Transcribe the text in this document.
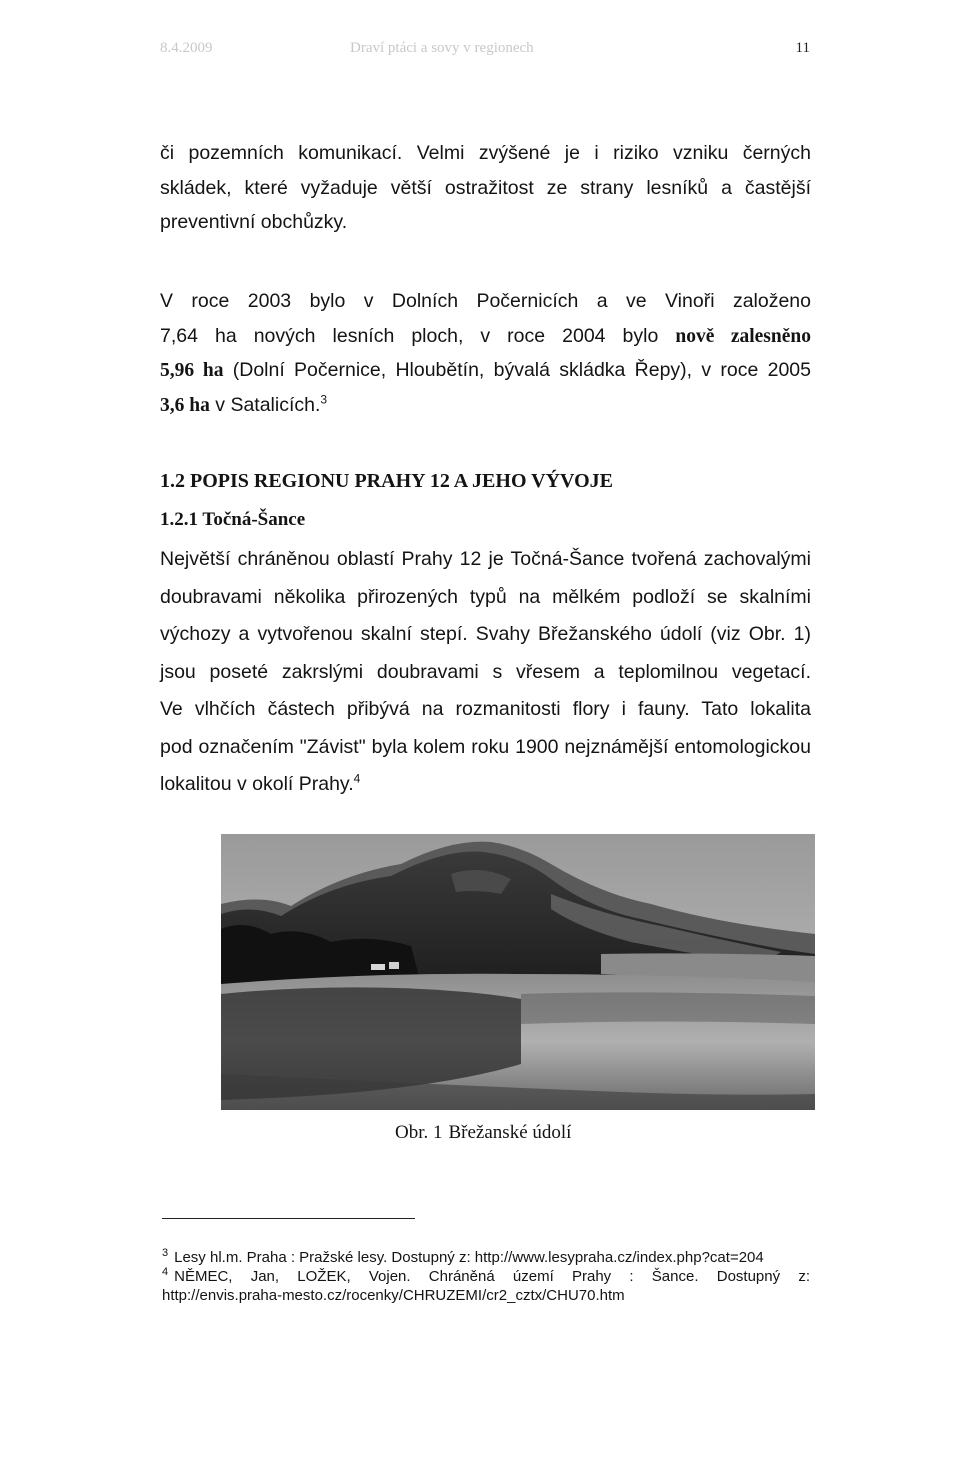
8.4.2009	Draví ptáci a sovy v regionech	11
či pozemních komunikací. Velmi zvýšené je i riziko vzniku černých
skládek, které vyžaduje větší ostražitost ze strany lesníků a častější
preventivní obchůzky.
V roce 2003 bylo v Dolních Počernicích a ve Vinoři založeno
7,64 ha nových lesních ploch, v roce 2004 bylo nově zalesněno
5,96 ha (Dolní Počernice, Hloubětín, bývalá skládka Řepy), v roce 2005
3,6 ha v Satalicích.$^3$
1.2 POPIS REGIONU PRAHY 12 A JEHO VÝVOJE
1.2.1 Točná-Šance
Největší chráněnou oblastí Prahy 12 je Točná-Šance tvořená zachovalými
doubravami několika přirozených typů na mělkém podloží se skalními
výchozy a vytvořenou skalní stepí. Svahy Břežanského údolí (viz Obr. 1)
jsou poseté zakrslými doubravami s vřesem a teplomilnou vegetací.
Ve vlhčích částech přibývá na rozmanitosti flory i fauny. Tato lokalita
pod označením "Závist" byla kolem roku 1900 nejznámější entomologickou
lokalitou v okolí Prahy.$^4$
Obr. 1 Břežanské údolí
$^3$ Lesy hl.m. Praha : Pražské lesy. Dostupný z: http://www.lesypraha.cz/index.php?cat=204
$^4$ NĚMEC, Jan, LOŽEK, Vojen. Chráněná území Prahy : Šance. Dostupný z:
http://envis.praha-mesto.cz/rocenky/CHRUZEMI/cr2_cztx/CHU70.htm
